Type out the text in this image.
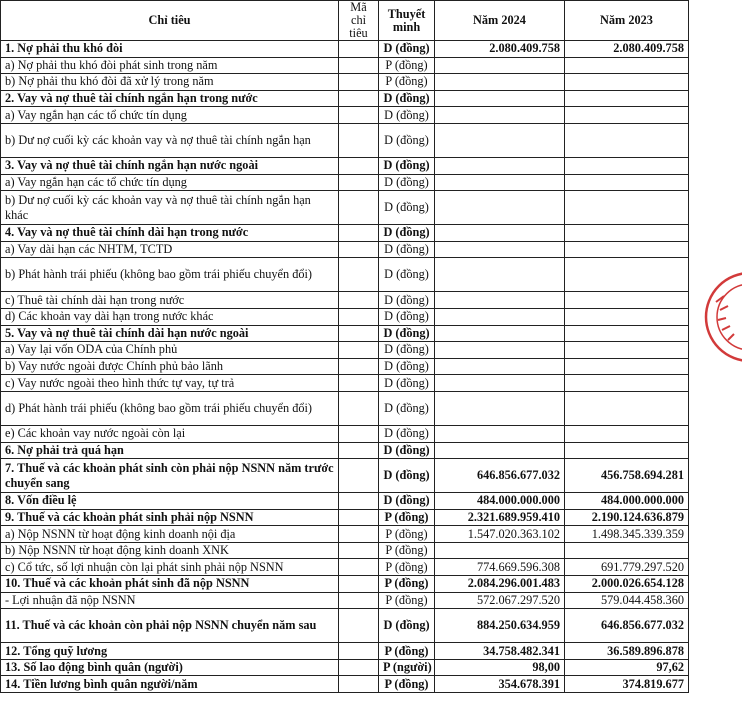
Chỉ tiêu	Mã chỉ tiêu	Thuyết minh	Năm 2024	Năm 2023
1. Nợ phải thu khó đòi		D (đồng)	2.080.409.758	2.080.409.758
a) Nợ phải thu khó đòi phát sinh trong năm		P (đồng)		
b) Nợ phải thu khó đòi đã xử lý trong năm		P (đồng)		
2. Vay và nợ thuê tài chính ngắn hạn trong nước		D (đồng)		
a) Vay ngắn hạn các tổ chức tín dụng		D (đồng)		
b) Dư nợ cuối kỳ các khoản vay và nợ thuê tài chính ngắn hạn		D (đồng)		
3. Vay và nợ thuê tài chính ngắn hạn nước ngoài		D (đồng)		
a) Vay ngắn hạn các tổ chức tín dụng		D (đồng)		
b) Dư nợ cuối kỳ các khoản vay và nợ thuê tài chính ngắn hạn khác		D (đồng)		
4. Vay và nợ thuê tài chính dài hạn trong nước		D (đồng)		
a) Vay dài hạn các NHTM, TCTD		D (đồng)		
b) Phát hành trái phiếu (không bao gồm trái phiếu chuyển đổi)		D (đồng)		
c) Thuê tài chính dài hạn trong nước		D (đồng)		
d) Các khoản vay dài hạn trong nước khác		D (đồng)		
5. Vay và nợ thuê tài chính dài hạn nước ngoài		D (đồng)		
a) Vay lại vốn ODA của Chính phủ		D (đồng)		
b) Vay nước ngoài được Chính phủ bảo lãnh		D (đồng)		
c) Vay nước ngoài theo hình thức tự vay, tự trả		D (đồng)		
d) Phát hành trái phiếu (không bao gồm trái phiếu chuyển đổi)		D (đồng)		
e) Các khoản vay nước ngoài còn lại		D (đồng)		
6. Nợ phải trả quá hạn		D (đồng)		
7. Thuế và các khoản phát sinh còn phải nộp NSNN năm trước chuyển sang		D (đồng)	646.856.677.032	456.758.694.281
8. Vốn điều lệ		D (đồng)	484.000.000.000	484.000.000.000
9. Thuế và các khoản phát sinh phải nộp NSNN		P (đồng)	2.321.689.959.410	2.190.124.636.879
a) Nộp NSNN từ hoạt động kinh doanh nội địa		P (đồng)	1.547.020.363.102	1.498.345.339.359
b) Nộp NSNN từ hoạt động kinh doanh XNK		P (đồng)		
c) Cổ tức, số lợi nhuận còn lại phát sinh phải nộp NSNN		P (đồng)	774.669.596.308	691.779.297.520
10. Thuế và các khoản phát sinh đã nộp NSNN		P (đồng)	2.084.296.001.483	2.000.026.654.128
- Lợi nhuận đã nộp NSNN		P (đồng)	572.067.297.520	579.044.458.360
11. Thuế và các khoản còn phải nộp NSNN chuyển năm sau		D (đồng)	884.250.634.959	646.856.677.032
12. Tổng quỹ lương		P (đồng)	34.758.482.341	36.589.896.878
13. Số lao động bình quân (người)		P (người)	98,00	97,62
14. Tiền lương bình quân người/năm		P (đồng)	354.678.391	374.819.677
